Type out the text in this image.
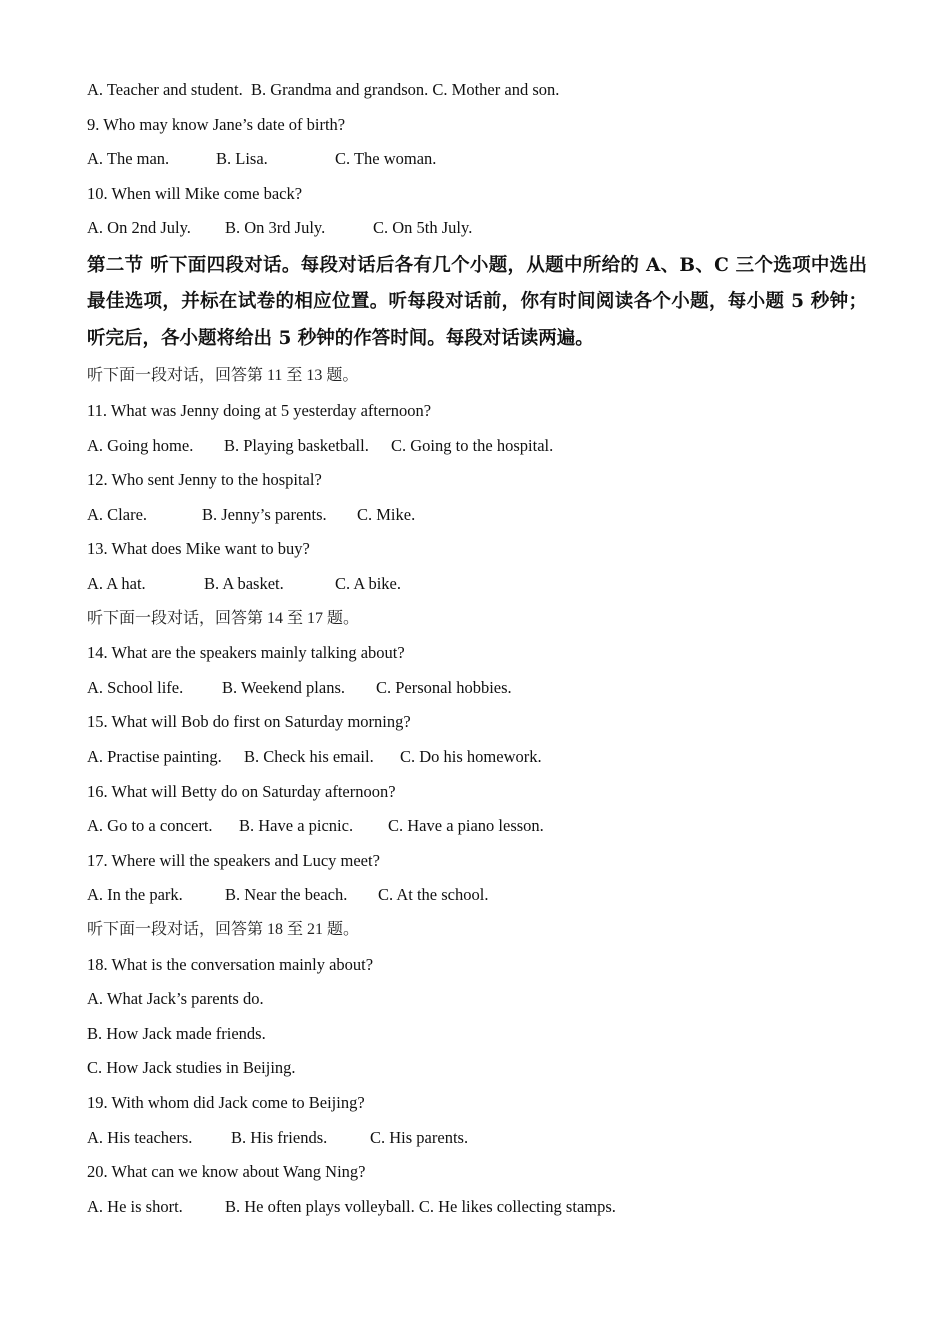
A. Teacher and student. B. Grandma and grandson. C. Mother and son.
9. Who may know Jane’s date of birth?
A. The man.	B. Lisa.	C. The woman.
10. When will Mike come back?
A. On 2nd July. B. On 3rd July.	C. On 5th July.
第二节 听下面四段对话。每段对话后各有几个小题，从题中所给的 A、B、C 三个选项中选出最佳选项，并标在试卷的相应位置。听每段对话前，你有时间阅读各个小题，每小题 5 秒钟；听完后，各小题将给出 5 秒钟的作答时间。每段对话读两遍。
听下面一段对话，回答第 11 至 13 题。
11. What was Jenny doing at 5 yesterday afternoon?
A. Going home. B. Playing basketball. C. Going to the hospital.
12. Who sent Jenny to the hospital?
A. Clare.	B. Jenny’s parents. C. Mike.
13. What does Mike want to buy?
A. A hat.	B. A basket.	C. A bike.
听下面一段对话，回答第 14 至 17 题。
14. What are the speakers mainly talking about?
A. School life. B. Weekend plans. C. Personal hobbies.
15. What will Bob do first on Saturday morning?
A. Practise painting. B. Check his email. C. Do his homework.
16. What will Betty do on Saturday afternoon?
A. Go to a concert. B. Have a picnic. C. Have a piano lesson.
17. Where will the speakers and Lucy meet?
A. In the park.	B. Near the beach. C. At the school.
听下面一段对话，回答第 18 至 21 题。
18. What is the conversation mainly about?
A. What Jack’s parents do.
B. How Jack made friends.
C. How Jack studies in Beijing.
19. With whom did Jack come to Beijing?
A. His teachers. B. His friends.	C. His parents.
20. What can we know about Wang Ning?
A. He is short.	B. He often plays volleyball. C. He likes collecting stamps.
